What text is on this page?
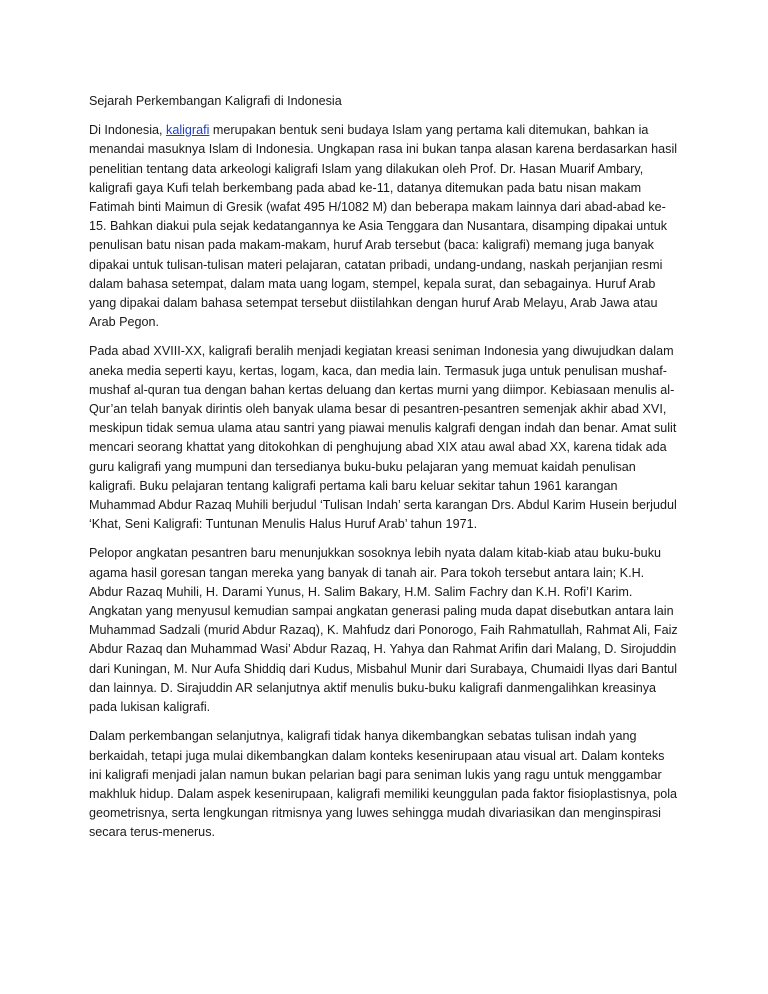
Sejarah Perkembangan Kaligrafi di Indonesia

Di Indonesia, kaligrafi merupakan bentuk seni budaya Islam yang pertama kali ditemukan, bahkan ia menandai masuknya Islam di Indonesia. Ungkapan rasa ini bukan tanpa alasan karena berdasarkan hasil penelitian tentang data arkeologi kaligrafi Islam yang dilakukan oleh Prof. Dr. Hasan Muarif Ambary, kaligrafi gaya Kufi telah berkembang pada abad ke-11, datanya ditemukan pada batu nisan makam Fatimah binti Maimun di Gresik (wafat 495 H/1082 M) dan beberapa makam lainnya dari abad-abad ke-15. Bahkan diakui pula sejak kedatangannya ke Asia Tenggara dan Nusantara, disamping dipakai untuk penulisan batu nisan pada makam-makam, huruf Arab tersebut (baca: kaligrafi) memang juga banyak dipakai untuk tulisan-tulisan materi pelajaran, catatan pribadi, undang-undang, naskah perjanjian resmi dalam bahasa setempat, dalam mata uang logam, stempel, kepala surat, dan sebagainya. Huruf Arab yang dipakai dalam bahasa setempat tersebut diistilahkan dengan huruf Arab Melayu, Arab Jawa atau Arab Pegon.

Pada abad XVIII-XX, kaligrafi beralih menjadi kegiatan kreasi seniman Indonesia yang diwujudkan dalam aneka media seperti kayu, kertas, logam, kaca, dan media lain. Termasuk juga untuk penulisan mushaf-mushaf al-quran tua dengan bahan kertas deluang dan kertas murni yang diimpor. Kebiasaan menulis al-Qur’an telah banyak dirintis oleh banyak ulama besar di pesantren-pesantren semenjak akhir abad XVI, meskipun tidak semua ulama atau santri yang piawai menulis kalgrafi dengan indah dan benar. Amat sulit mencari seorang khattat yang ditokohkan di penghujung abad XIX atau awal abad XX, karena tidak ada guru kaligrafi yang mumpuni dan tersedianya buku-buku pelajaran yang memuat kaidah penulisan kaligrafi. Buku pelajaran tentang kaligrafi pertama kali baru keluar sekitar tahun 1961 karangan Muhammad Abdur Razaq Muhili berjudul ‘Tulisan Indah’ serta karangan Drs. Abdul Karim Husein berjudul ‘Khat, Seni Kaligrafi: Tuntunan Menulis Halus Huruf Arab’ tahun 1971.

Pelopor angkatan pesantren baru menunjukkan sosoknya lebih nyata dalam kitab-kiab atau buku-buku agama hasil goresan tangan mereka yang banyak di tanah air. Para tokoh tersebut antara lain; K.H. Abdur Razaq Muhili, H. Darami Yunus, H. Salim Bakary, H.M. Salim Fachry dan K.H. Rofi’I Karim. Angkatan yang menyusul kemudian sampai angkatan generasi paling muda dapat disebutkan antara lain Muhammad Sadzali (murid Abdur Razaq), K. Mahfudz dari Ponorogo, Faih Rahmatullah, Rahmat Ali, Faiz Abdur Razaq dan Muhammad Wasi’ Abdur Razaq, H. Yahya dan Rahmat Arifin dari Malang, D. Sirojuddin dari Kuningan, M. Nur Aufa Shiddiq dari Kudus, Misbahul Munir dari Surabaya, Chumaidi Ilyas dari Bantul dan lainnya. D. Sirajuddin AR selanjutnya aktif menulis buku-buku kaligrafi danmengalihkan kreasinya pada lukisan kaligrafi.

Dalam perkembangan selanjutnya, kaligrafi tidak hanya dikembangkan sebatas tulisan indah yang berkaidah, tetapi juga mulai dikembangkan dalam konteks kesenirupaan atau visual art. Dalam konteks ini kaligrafi menjadi jalan namun bukan pelarian bagi para seniman lukis yang ragu untuk menggambar makhluk hidup. Dalam aspek kesenirupaan, kaligrafi memiliki keunggulan pada faktor fisioplastisnya, pola geometrisnya, serta lengkungan ritmisnya yang luwes sehingga mudah divariasikan dan menginspirasi secara terus-menerus.
